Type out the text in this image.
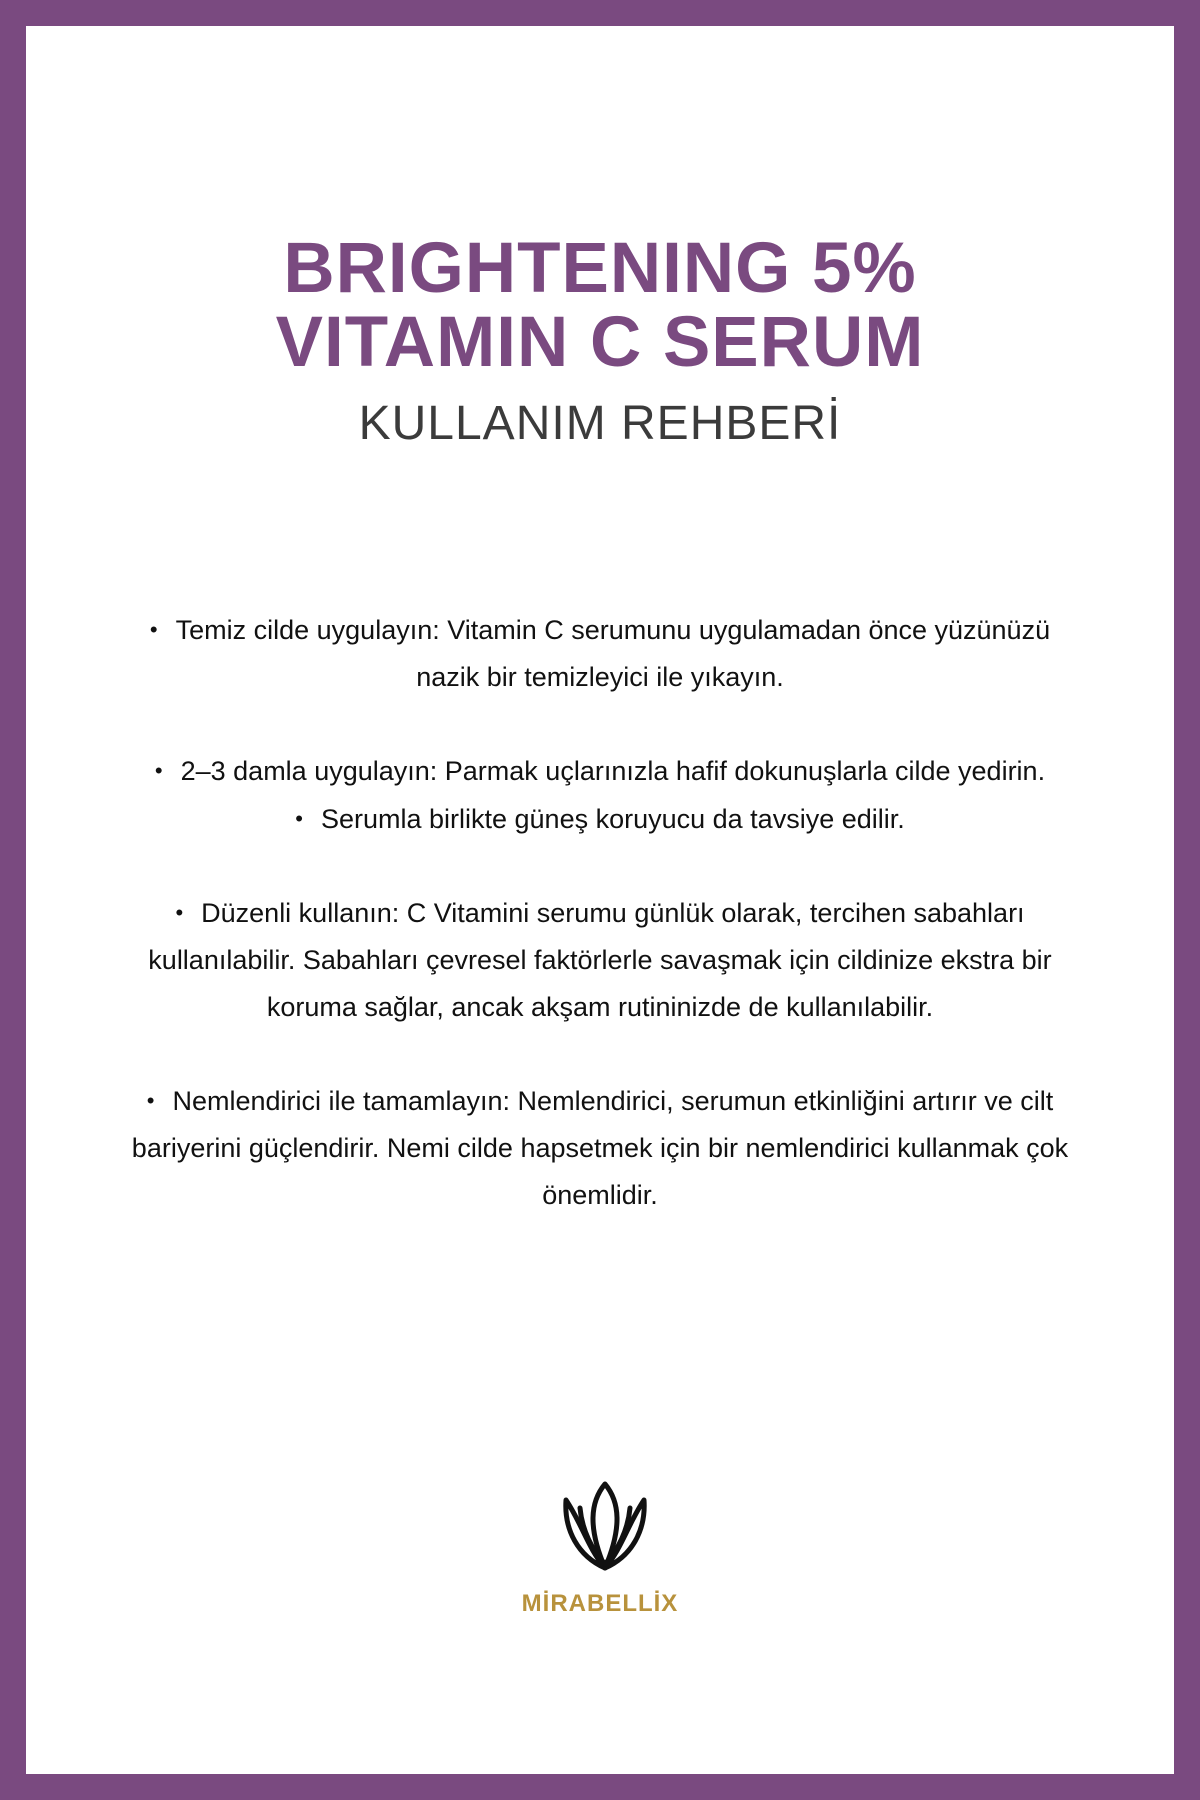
BRIGHTENING 5%
VITAMIN C SERUM
KULLANIM REHBERİ

• Temiz cilde uygulayın: Vitamin C serumunu uygulamadan önce yüzünüzü nazik bir temizleyici ile yıkayın.

• 2–3 damla uygulayın: Parmak uçlarınızla hafif dokunuşlarla cilde yedirin.

• Serumla birlikte güneş koruyucu da tavsiye edilir.

• Düzenli kullanın: C Vitamini serumu günlük olarak, tercihen sabahları kullanılabilir. Sabahları çevresel faktörlerle savaşmak için cildinize ekstra bir koruma sağlar, ancak akşam rutininizde de kullanılabilir.

• Nemlendirici ile tamamlayın: Nemlendirici, serumun etkinliğini artırır ve cilt bariyerini güçlendirir. Nemi cilde hapsetmek için bir nemlendirici kullanmak çok önemlidir.

MİRABELLİX
